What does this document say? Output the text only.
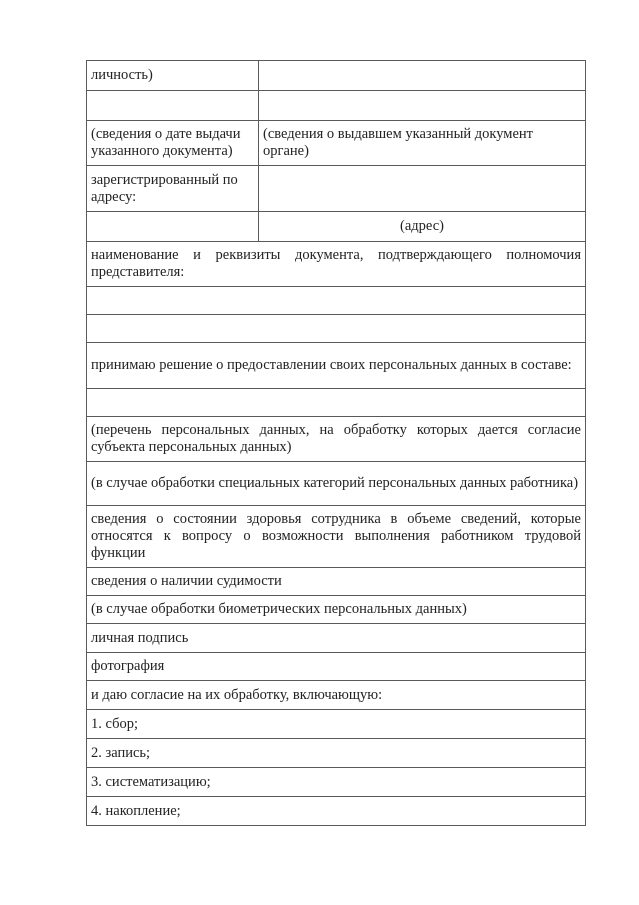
личность)	

(сведения о дате выдачи указанного документа)	(сведения о выдавшем указанный документ органе)
зарегистрированный по адресу:	
	(адрес)
наименование и реквизиты документа, подтверждающего полномочия представителя:	

принимаю решение о предоставлении своих персональных данных в составе:	

(перечень персональных данных, на обработку которых дается согласие субъекта персональных данных)	
(в случае обработки специальных категорий персональных данных работника)	
сведения о состоянии здоровья сотрудника в объеме сведений, которые относятся к вопросу о возможности выполнения работником трудовой функции	
сведения о наличии судимости	
(в случае обработки биометрических персональных данных)	
личная подпись	
фотография	
и даю согласие на их обработку, включающую:	
1. сбор;	
2. запись;	
3. систематизацию;	
4. накопление;	
